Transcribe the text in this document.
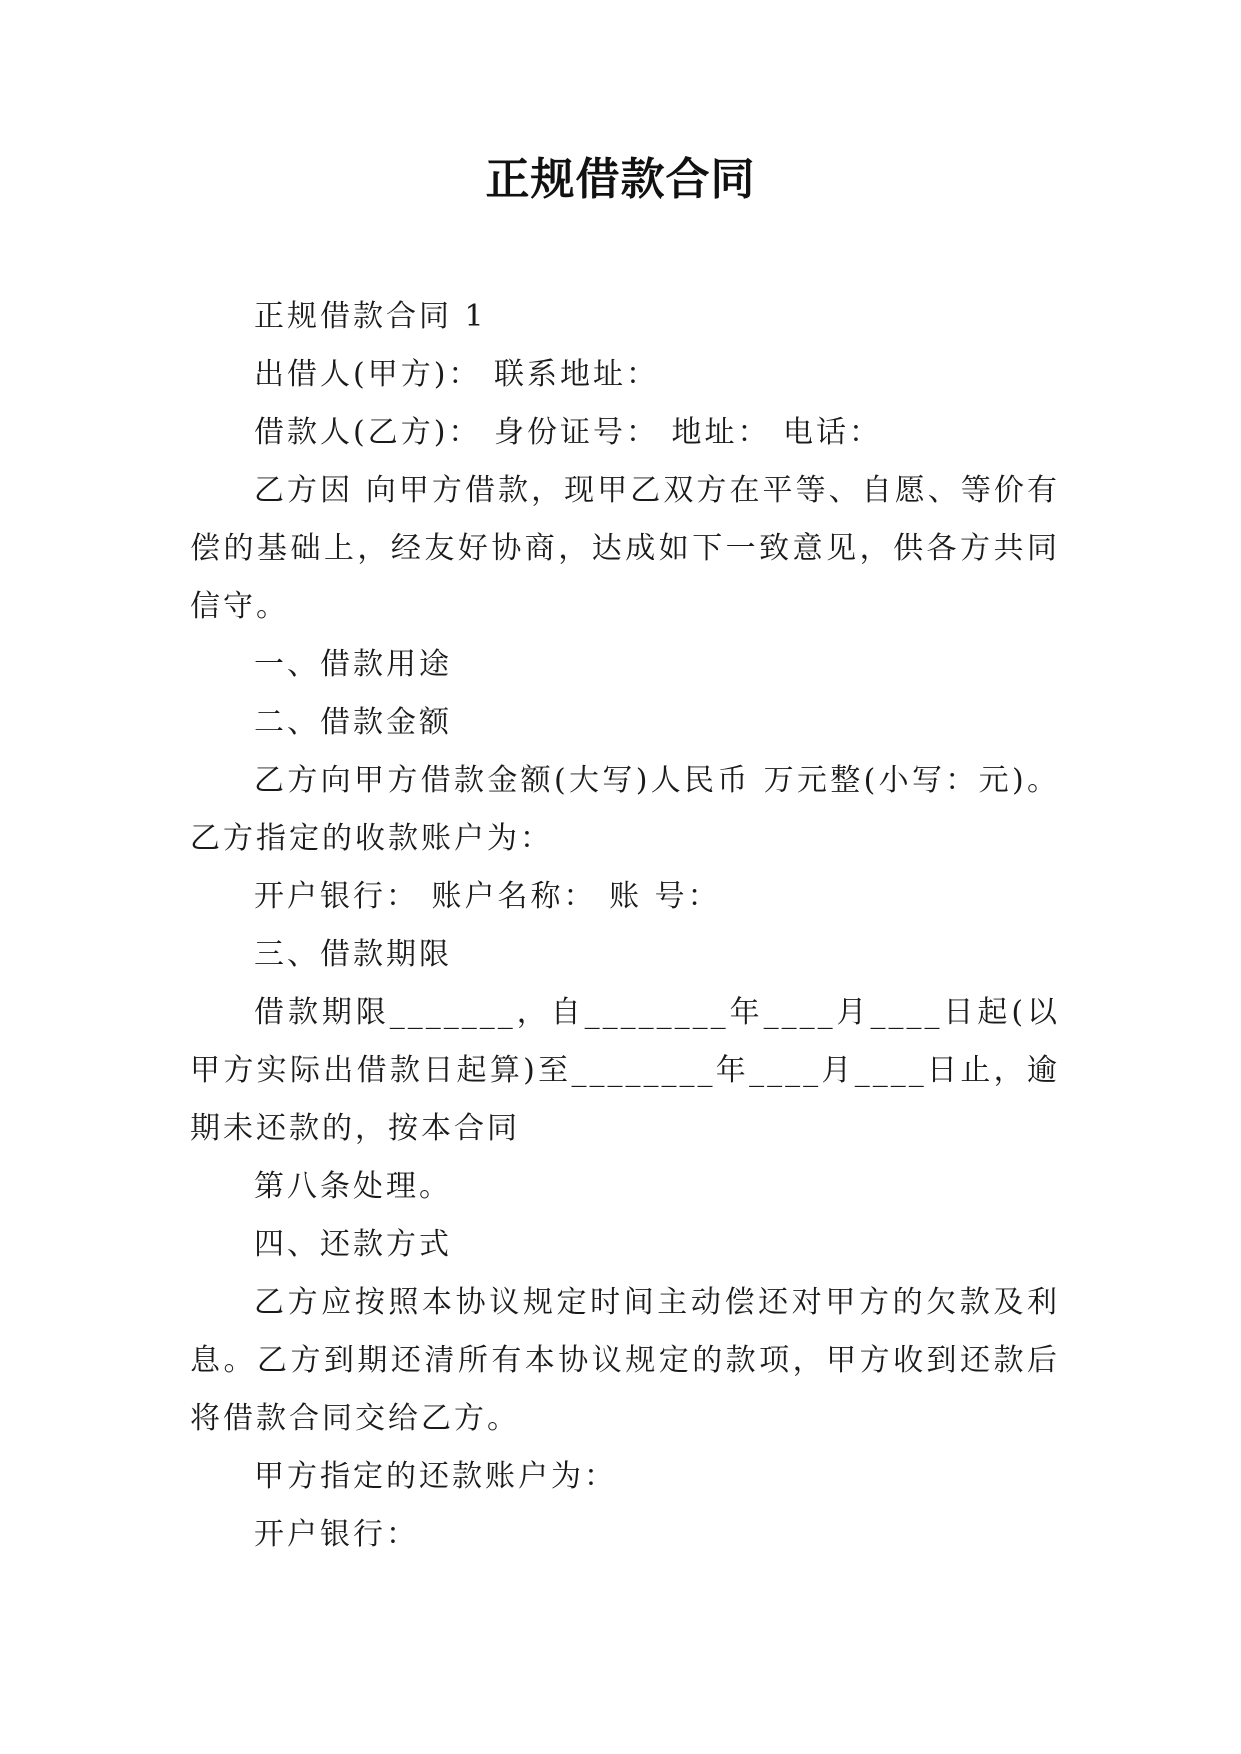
正规借款合同

正规借款合同 1

出借人(甲方)： 联系地址：

借款人(乙方)： 身份证号： 地址： 电话：

乙方因 向甲方借款，现甲乙双方在平等、自愿、等价有偿的基础上，经友好协商，达成如下一致意见，供各方共同信守。

一、借款用途

二、借款金额

乙方向甲方借款金额(大写)人民币 万元整(小写：元)。乙方指定的收款账户为：

开户银行： 账户名称： 账 号：

三、借款期限

借款期限_______，自________年____月____日起(以甲方实际出借款日起算)至________年____月____日止，逾期未还款的，按本合同

第八条处理。

四、还款方式

乙方应按照本协议规定时间主动偿还对甲方的欠款及利息。乙方到期还清所有本协议规定的款项，甲方收到还款后将借款合同交给乙方。

甲方指定的还款账户为：

开户银行：
